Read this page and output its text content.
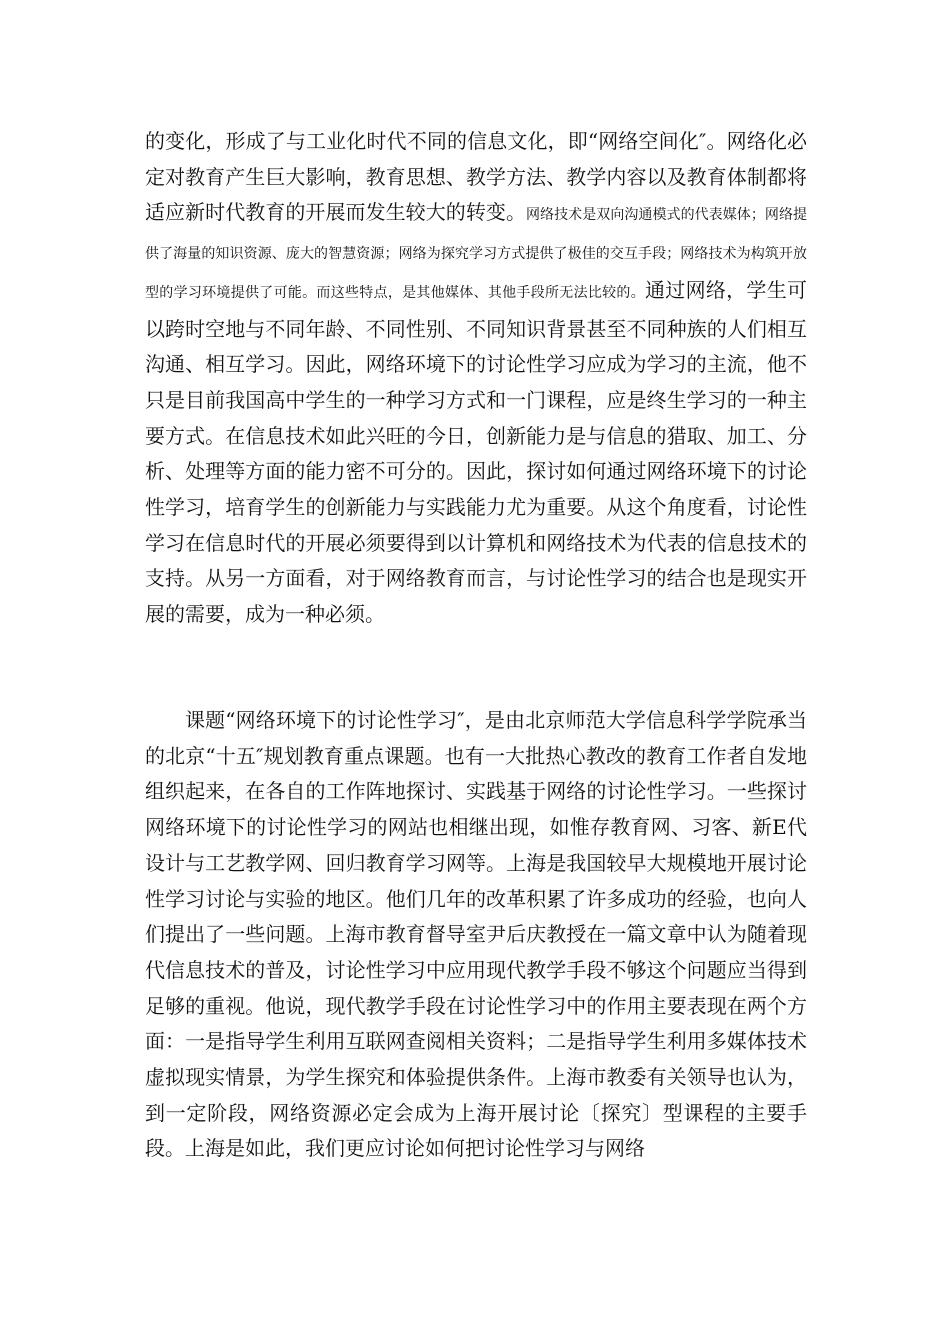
的变化，形成了与工业化时代不同的信息文化，即“网络空间化″。网络化必定对教育产生巨大影响，教育思想、教学方法、教学内容以及教育体制都将适应新时代教育的开展而发生较大的转变。网络技术是双向沟通模式的代表媒体；网络提供了海量的知识资源、庞大的智慧资源；网络为探究学习方式提供了极佳的交互手段；网络技术为构筑开放型的学习环境提供了可能。而这些特点，是其他媒体、其他手段所无法比较的。通过网络，学生可以跨时空地与不同年龄、不同性别、不同知识背景甚至不同种族的人们相互沟通、相互学习。因此，网络环境下的讨论性学习应成为学习的主流，他不只是目前我国高中学生的一种学习方式和一门课程，应是终生学习的一种主要方式。在信息技术如此兴旺的今日，创新能力是与信息的猎取、加工、分析、处理等方面的能力密不可分的。因此，探讨如何通过网络环境下的讨论性学习，培育学生的创新能力与实践能力尤为重要。从这个角度看，讨论性学习在信息时代的开展必须要得到以计算机和网络技术为代表的信息技术的支持。从另一方面看，对于网络教育而言，与讨论性学习的结合也是现实开展的需要，成为一种必须。

课题“网络环境下的讨论性学习″，是由北京师范大学信息科学学院承当的北京“十五″规划教育重点课题。也有一大批热心教改的教育工作者自发地组织起来，在各自的工作阵地探讨、实践基于网络的讨论性学习。一些探讨网络环境下的讨论性学习的网站也相继出现，如惟存教育网、习客、新E代设计与工艺教学网、回归教育学习网等。上海是我国较早大规模地开展讨论性学习讨论与实验的地区。他们几年的改革积累了许多成功的经验，也向人们提出了一些问题。上海市教育督导室尹后庆教授在一篇文章中认为随着现代信息技术的普及，讨论性学习中应用现代教学手段不够这个问题应当得到足够的重视。他说，现代教学手段在讨论性学习中的作用主要表现在两个方面：一是指导学生利用互联网查阅相关资料；二是指导学生利用多媒体技术虚拟现实情景，为学生探究和体验提供条件。上海市教委有关领导也认为，到一定阶段，网络资源必定会成为上海开展讨论〔探究〕型课程的主要手段。上海是如此，我们更应讨论如何把讨论性学习与网络
